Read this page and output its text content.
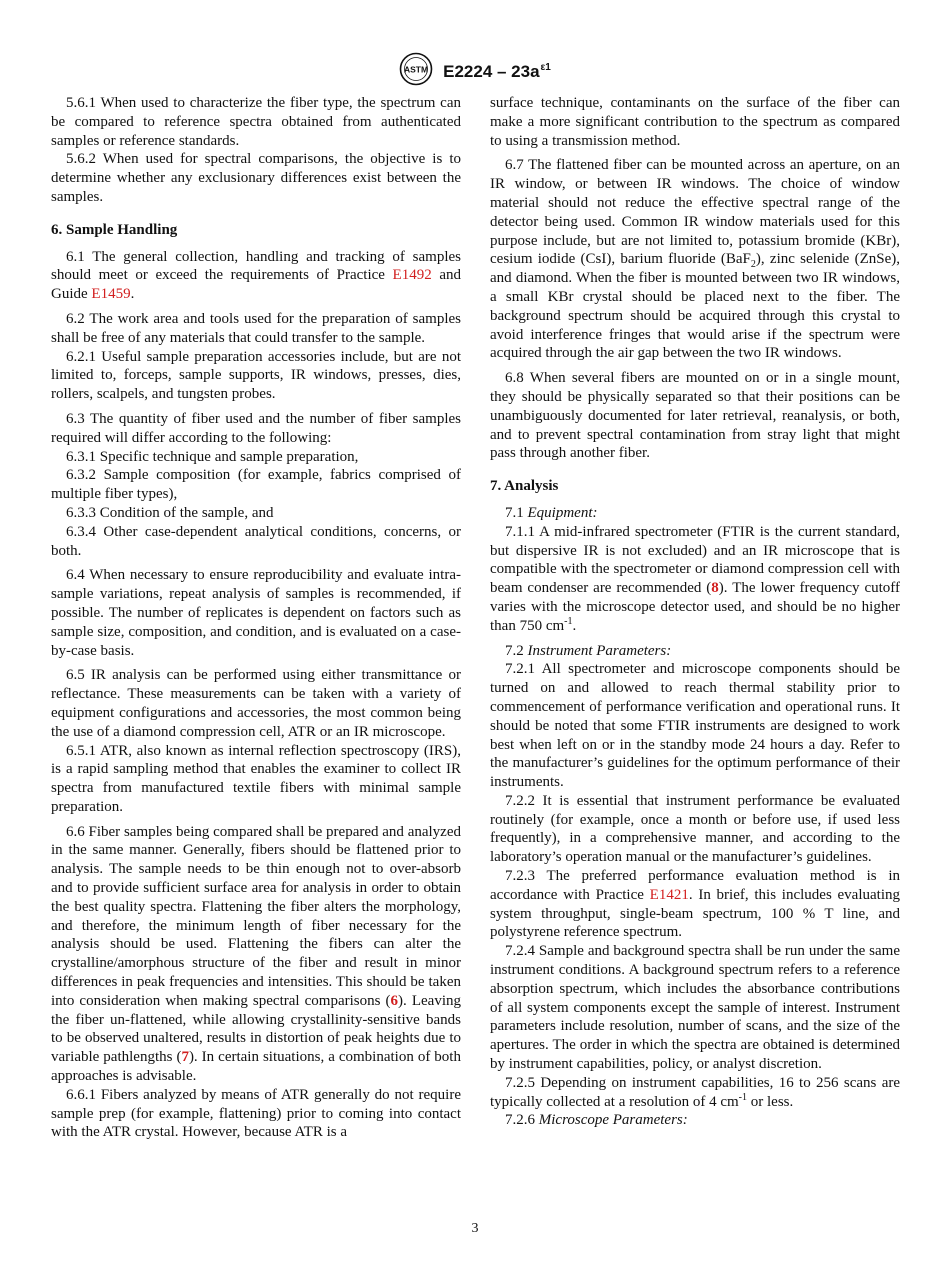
ASTM $E2224 - 23a^{\varepsilon 1}$

5.6.1 When used to characterize the fiber type, the spectrum can be compared to reference spectra obtained from authenticated samples or reference standards.

5.6.2 When used for spectral comparisons, the objective is to determine whether any exclusionary differences exist between the samples.

6. Sample Handling

6.1 The general collection, handling and tracking of samples should meet or exceed the requirements of Practice E1492 and Guide E1459.

6.2 The work area and tools used for the preparation of samples shall be free of any materials that could transfer to the sample.

6.2.1 Useful sample preparation accessories include, but are not limited to, forceps, sample supports, IR windows, presses, dies, rollers, scalpels, and tungsten probes.

6.3 The quantity of fiber used and the number of fiber samples required will differ according to the following:

6.3.1 Specific technique and sample preparation,

6.3.2 Sample composition (for example, fabrics comprised of multiple fiber types),

6.3.3 Condition of the sample, and

6.3.4 Other case-dependent analytical conditions, concerns, or both.

6.4 When necessary to ensure reproducibility and evaluate intra-sample variations, repeat analysis of samples is recommended, if possible. The number of replicates is dependent on factors such as sample size, composition, and condition, and is evaluated on a case-by-case basis.

6.5 IR analysis can be performed using either transmittance or reflectance. These measurements can be taken with a variety of equipment configurations and accessories, the most common being the use of a diamond compression cell, ATR or an IR microscope.

6.5.1 ATR, also known as internal reflection spectroscopy (IRS), is a rapid sampling method that enables the examiner to collect IR spectra from manufactured textile fibers with minimal sample preparation.

6.6 Fiber samples being compared shall be prepared and analyzed in the same manner. Generally, fibers should be flattened prior to analysis. The sample needs to be thin enough not to over-absorb and to provide sufficient surface area for analysis in order to obtain the best quality spectra. Flattening the fiber alters the morphology, and therefore, the minimum length of fiber necessary for the analysis should be used. Flattening the fibers can alter the crystalline/amorphous structure of the fiber and result in minor differences in peak frequencies and intensities. This should be taken into consideration when making spectral comparisons (6). Leaving the fiber un-flattened, while allowing crystallinity-sensitive bands to be observed unaltered, results in distortion of peak heights due to variable pathlengths (7). In certain situations, a combination of both approaches is advisable.

6.6.1 Fibers analyzed by means of ATR generally do not require sample prep (for example, flattening) prior to coming into contact with the ATR crystal. However, because ATR is a

surface technique, contaminants on the surface of the fiber can make a more significant contribution to the spectrum as compared to using a transmission method.

6.7 The flattened fiber can be mounted across an aperture, on an IR window, or between IR windows. The choice of window material should not reduce the effective spectral range of the detector being used. Common IR window materials used for this purpose include, but are not limited to, potassium bromide (KBr), cesium iodide (CsI), barium fluoride (BaF$_2$), zinc selenide (ZnSe), and diamond. When the fiber is mounted between two IR windows, a small KBr crystal should be placed next to the fiber. The background spectrum should be acquired through this crystal to avoid interference fringes that would arise if the spectrum were acquired through the air gap between the two IR windows.

6.8 When several fibers are mounted on or in a single mount, they should be physically separated so that their positions can be unambiguously documented for later retrieval, reanalysis, or both, and to prevent spectral contamination from stray light that might pass through another fiber.

7. Analysis

7.1 Equipment:

7.1.1 A mid-infrared spectrometer (FTIR is the current standard, but dispersive IR is not excluded) and an IR microscope that is compatible with the spectrometer or diamond compression cell with beam condenser are recommended (8). The lower frequency cutoff varies with the microscope detector used, and should be no higher than 750 $cm^{-1}$.

7.2 Instrument Parameters:

7.2.1 All spectrometer and microscope components should be turned on and allowed to reach thermal stability prior to commencement of performance verification and operational runs. It should be noted that some FTIR instruments are designed to work best when left on or in the standby mode 24 hours a day. Refer to the manufacturer’s guidelines for the optimum performance of their instruments.

7.2.2 It is essential that instrument performance be evaluated routinely (for example, once a month or before use, if used less frequently), in a comprehensive manner, and according to the laboratory’s operation manual or the manufacturer’s guidelines.

7.2.3 The preferred performance evaluation method is in accordance with Practice E1421. In brief, this includes evaluating system throughput, single-beam spectrum, 100 % T line, and polystyrene reference spectrum.

7.2.4 Sample and background spectra shall be run under the same instrument conditions. A background spectrum refers to a reference absorption spectrum, which includes the absorbance contributions of all system components except the sample of interest. Instrument parameters include resolution, number of scans, and the size of the apertures. The order in which the spectra are obtained is determined by instrument capabilities, policy, or analyst discretion.

7.2.5 Depending on instrument capabilities, 16 to 256 scans are typically collected at a resolution of 4 $cm^{-1}$ or less.

7.2.6 Microscope Parameters:

3
